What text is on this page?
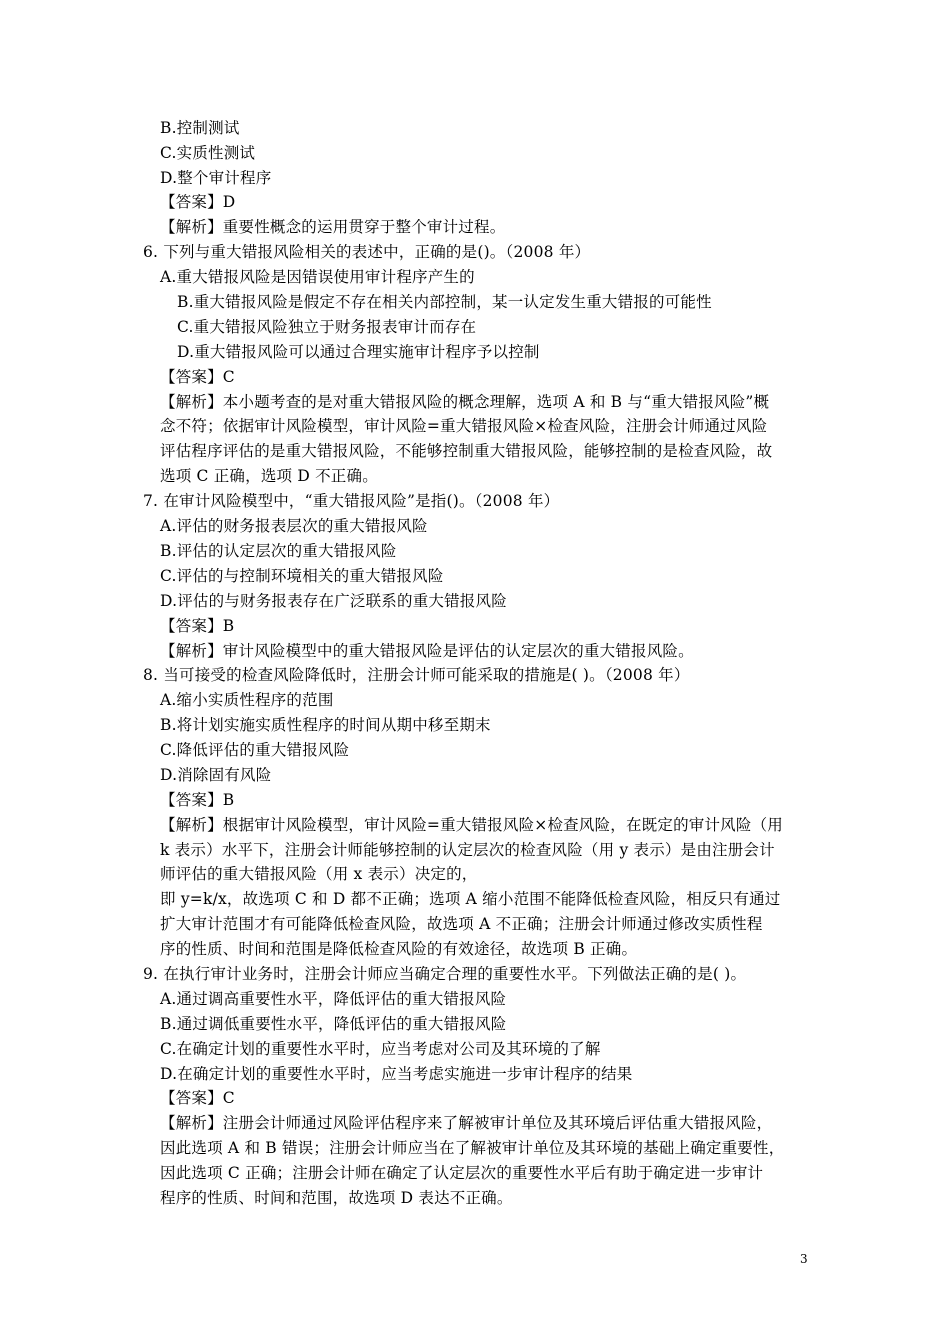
B.控制测试
C.实质性测试
D.整个审计程序
【答案】D
【解析】重要性概念的运用贯穿于整个审计过程。
6. 下列与重大错报风险相关的表述中，正确的是()。（2008 年）
A.重大错报风险是因错误使用审计程序产生的
B.重大错报风险是假定不存在相关内部控制，某一认定发生重大错报的可能性
C.重大错报风险独立于财务报表审计而存在
D.重大错报风险可以通过合理实施审计程序予以控制
【答案】C
【解析】本小题考查的是对重大错报风险的概念理解，选项 A 和 B 与“重大错报风险”概
念不符；依据审计风险模型，审计风险=重大错报风险×检查风险，注册会计师通过风险
评估程序评估的是重大错报风险，不能够控制重大错报风险，能够控制的是检查风险，故
选项 C 正确，选项 D 不正确。
7. 在审计风险模型中，“重大错报风险”是指()。（2008 年）
A.评估的财务报表层次的重大错报风险
B.评估的认定层次的重大错报风险
C.评估的与控制环境相关的重大错报风险
D.评估的与财务报表存在广泛联系的重大错报风险
【答案】B
【解析】审计风险模型中的重大错报风险是评估的认定层次的重大错报风险。
8. 当可接受的检查风险降低时，注册会计师可能采取的措施是( )。（2008 年）
A.缩小实质性程序的范围
B.将计划实施实质性程序的时间从期中移至期末
C.降低评估的重大错报风险
D.消除固有风险
【答案】B
【解析】根据审计风险模型，审计风险=重大错报风险×检查风险，在既定的审计风险（用
k 表示）水平下，注册会计师能够控制的认定层次的检查风险（用 y 表示）是由注册会计
师评估的重大错报风险（用 x 表示）决定的，
即 y=k/x，故选项 C 和 D 都不正确；选项 A 缩小范围不能降低检查风险，相反只有通过
扩大审计范围才有可能降低检查风险，故选项 A 不正确；注册会计师通过修改实质性程
序的性质、时间和范围是降低检查风险的有效途径，故选项 B 正确。
9. 在执行审计业务时，注册会计师应当确定合理的重要性水平。下列做法正确的是( )。
A.通过调高重要性水平，降低评估的重大错报风险
B.通过调低重要性水平，降低评估的重大错报风险
C.在确定计划的重要性水平时，应当考虑对公司及其环境的了解
D.在确定计划的重要性水平时，应当考虑实施进一步审计程序的结果
【答案】C
【解析】注册会计师通过风险评估程序来了解被审计单位及其环境后评估重大错报风险，
因此选项 A 和 B 错误；注册会计师应当在了解被审计单位及其环境的基础上确定重要性，
因此选项 C 正确；注册会计师在确定了认定层次的重要性水平后有助于确定进一步审计
程序的性质、时间和范围，故选项 D 表达不正确。
3
